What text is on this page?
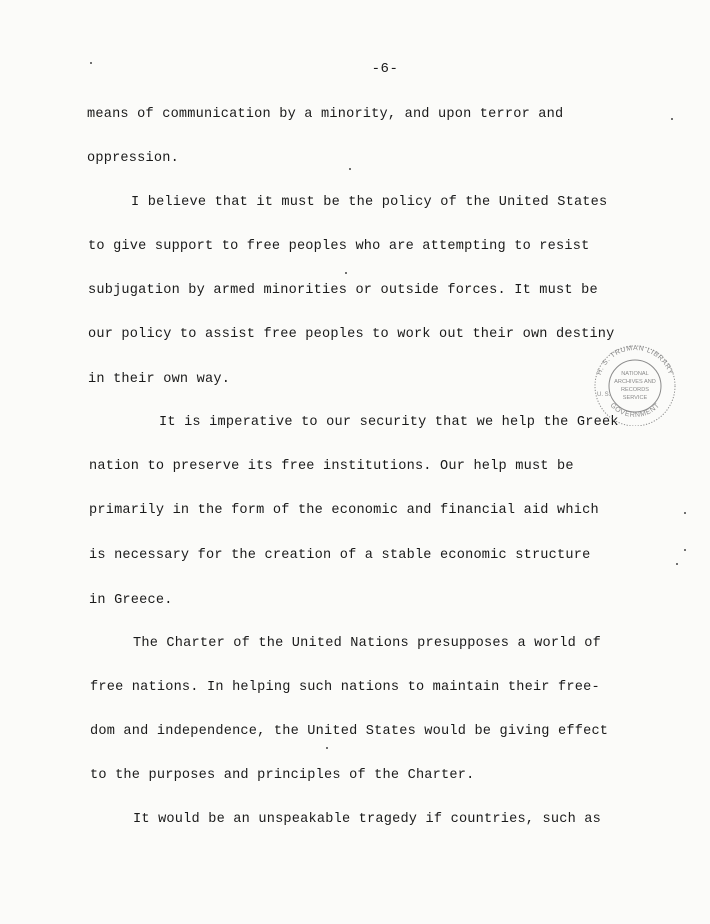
-6-
means of communication by a minority, and upon terror and
oppression.
I believe that it must be the policy of the United States
to give support to free peoples who are attempting to resist
subjugation by armed minorities or outside forces. It must be
our policy to assist free peoples to work out their own destiny
in their own way.
It is imperative to our security that we help the Greek
nation to preserve its free institutions. Our help must be
primarily in the form of the economic and financial aid which
is necessary for the creation of a stable economic structure
in Greece.
The Charter of the United Nations presupposes a world of
free nations. In helping such nations to maintain their free-
dom and independence, the United States would be giving effect
to the purposes and principles of the Charter.
It would be an unspeakable tragedy if countries, such as
H. S. TRUMAN LIBRARY
GOVERNMENT
U. S.
NATIONAL
ARCHIVES AND
RECORDS
SERVICE
